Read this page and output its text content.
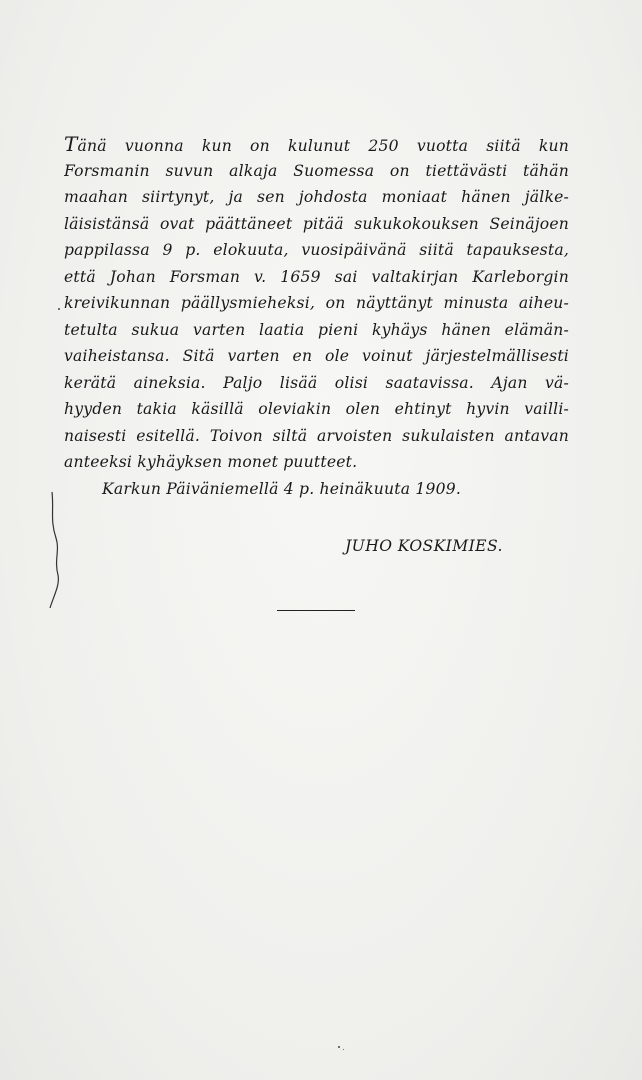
Tänä vuonna kun on kulunut 250 vuotta siitä kun
Forsmanin suvun alkaja Suomessa on tiettävästi tähän
maahan siirtynyt, ja sen johdosta moniaat hänen jälke-
läisistänsä ovat päättäneet pitää sukukokouksen Seinäjoen
pappilassa 9 p. elokuuta, vuosipäivänä siitä tapauksesta,
että Johan Forsman v. 1659 sai valtakirjan Karleborgin
kreivikunnan päällysmieheksi, on näyttänyt minusta aiheu-
tetulta sukua varten laatia pieni kyhäys hänen elämän-
vaiheistansa. Sitä varten en ole voinut järjestelmällisesti
kerätä aineksia. Paljo lisää olisi saatavissa. Ajan vä-
hyyden takia käsillä oleviakin olen ehtinyt hyvin vailli-
naisesti esitellä. Toivon siltä arvoisten sukulaisten antavan
anteeksi kyhäyksen monet puutteet.
Karkun Päiväniemellä 4 p. heinäkuuta 1909.
JUHO KOSKIMIES.
